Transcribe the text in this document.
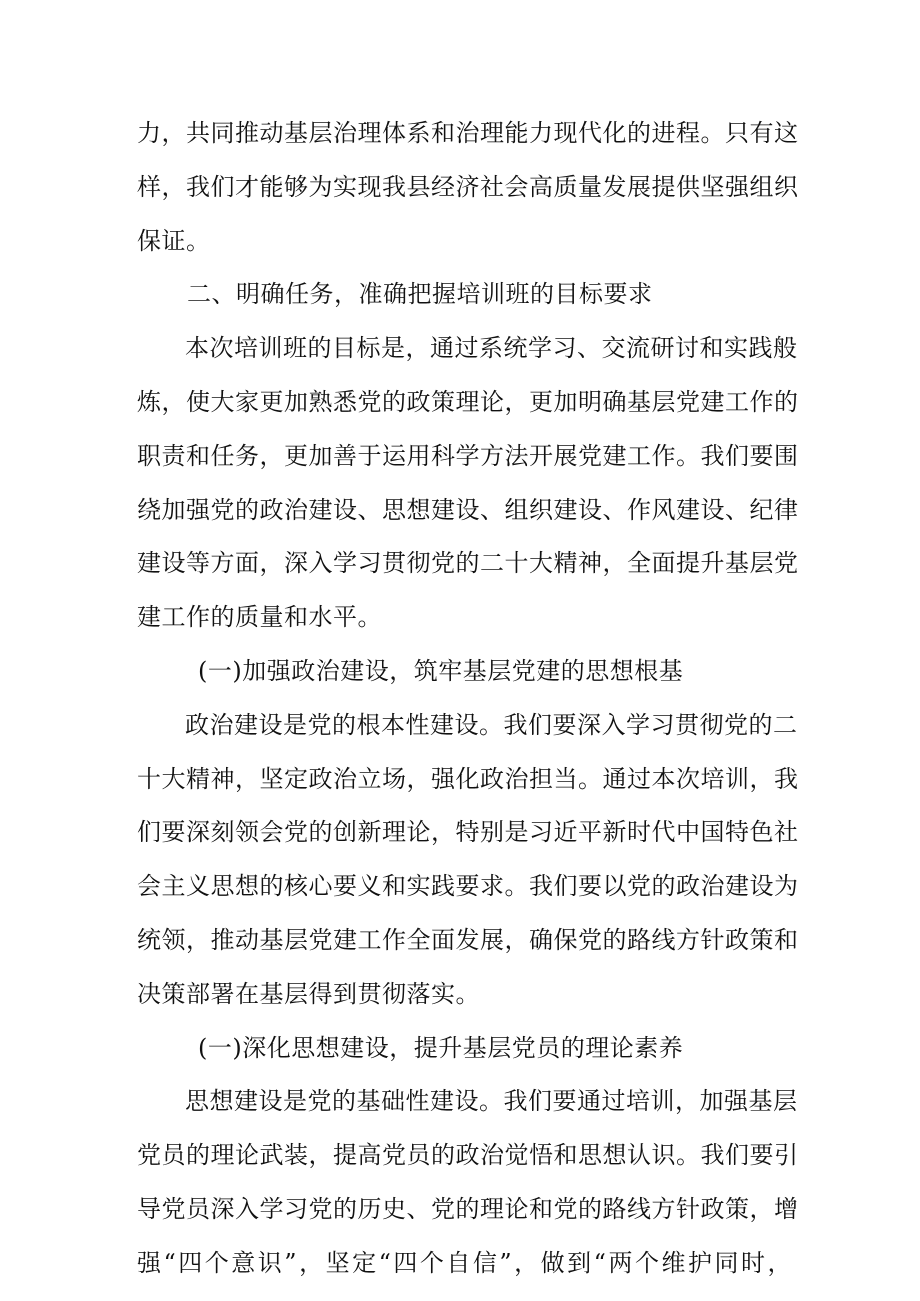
力，共同推动基层治理体系和治理能力现代化的进程。只有这
样，我们才能够为实现我县经济社会高质量发展提供坚强组织
保证。
二、明确任务，准确把握培训班的目标要求
本次培训班的目标是，通过系统学习、交流研讨和实践般
炼，使大家更加熟悉党的政策理论，更加明确基层党建工作的
职责和任务，更加善于运用科学方法开展党建工作。我们要围
绕加强党的政治建设、思想建设、组织建设、作风建设、纪律
建设等方面，深入学习贯彻党的二十大精神，全面提升基层党
建工作的质量和水平。
(一)加强政治建设，筑牢基层党建的思想根基
政治建设是党的根本性建设。我们要深入学习贯彻党的二
十大精神，坚定政治立场，强化政治担当。通过本次培训，我
们要深刻领会党的创新理论，特别是习近平新时代中国特色社
会主义思想的核心要义和实践要求。我们要以党的政治建设为
统领，推动基层党建工作全面发展，确保党的路线方针政策和
决策部署在基层得到贯彻落实。
(一)深化思想建设，提升基层党员的理论素养
思想建设是党的基础性建设。我们要通过培训，加强基层
党员的理论武装，提高党员的政治觉悟和思想认识。我们要引
导党员深入学习党的历史、党的理论和党的路线方针政策，增
强“四个意识”，坚定“四个自信”，做到“两个维护同时，
